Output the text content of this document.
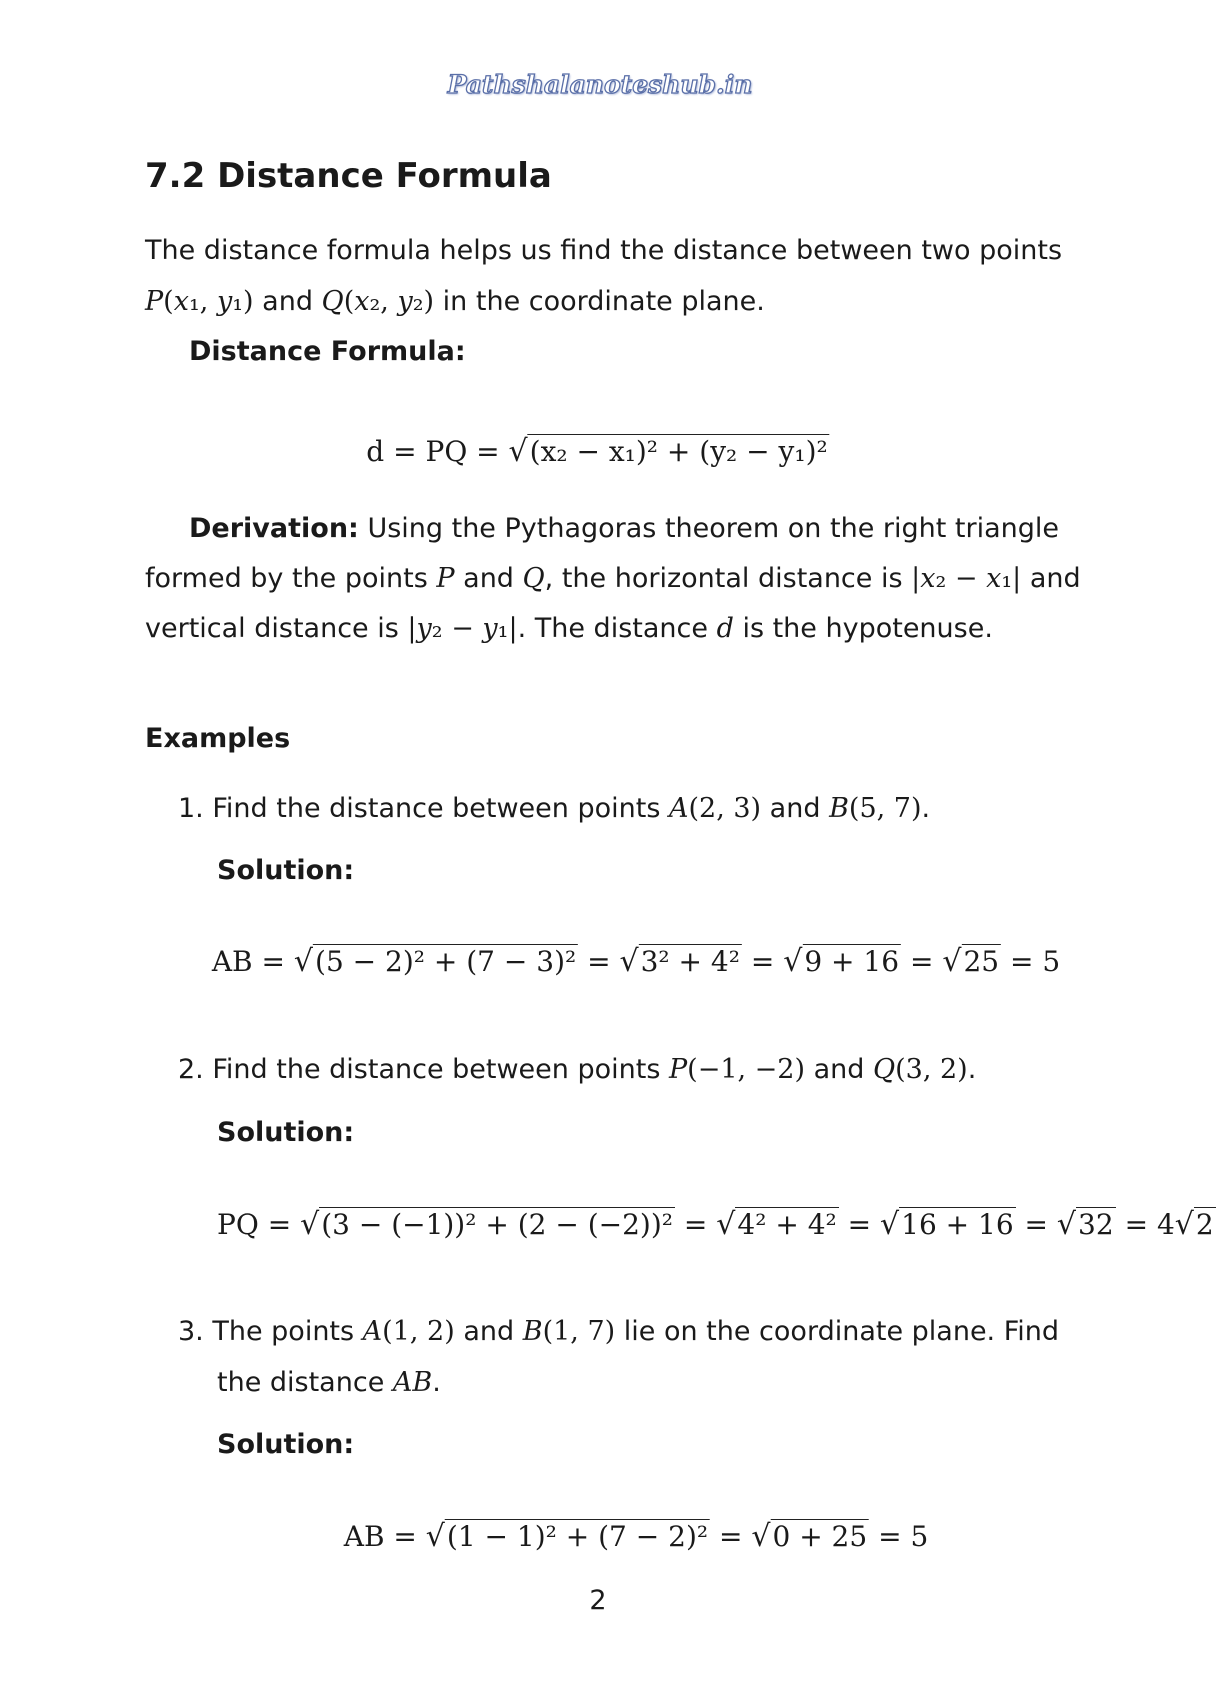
Pathshalanoteshub.in
7.2 Distance Formula
The distance formula helps us find the distance between two points
P(x₁, y₁) and Q(x₂, y₂) in the coordinate plane.
Distance Formula:
d = PQ = √(x₂ − x₁)² + (y₂ − y₁)²
Derivation: Using the Pythagoras theorem on the right triangle
formed by the points P and Q, the horizontal distance is |x₂ − x₁| and
vertical distance is |y₂ − y₁|. The distance d is the hypotenuse.
Examples
1. Find the distance between points A(2, 3) and B(5, 7).
Solution:
AB = √(5 − 2)² + (7 − 3)² = √3² + 4² = √9 + 16 = √25 = 5
2. Find the distance between points P(−1, −2) and Q(3, 2).
Solution:
PQ = √(3 − (−1))² + (2 − (−2))² = √4² + 4² = √16 + 16 = √32 = 4√2
3. The points A(1, 2) and B(1, 7) lie on the coordinate plane. Find
the distance AB.
Solution:
AB = √(1 − 1)² + (7 − 2)² = √0 + 25 = 5
2
